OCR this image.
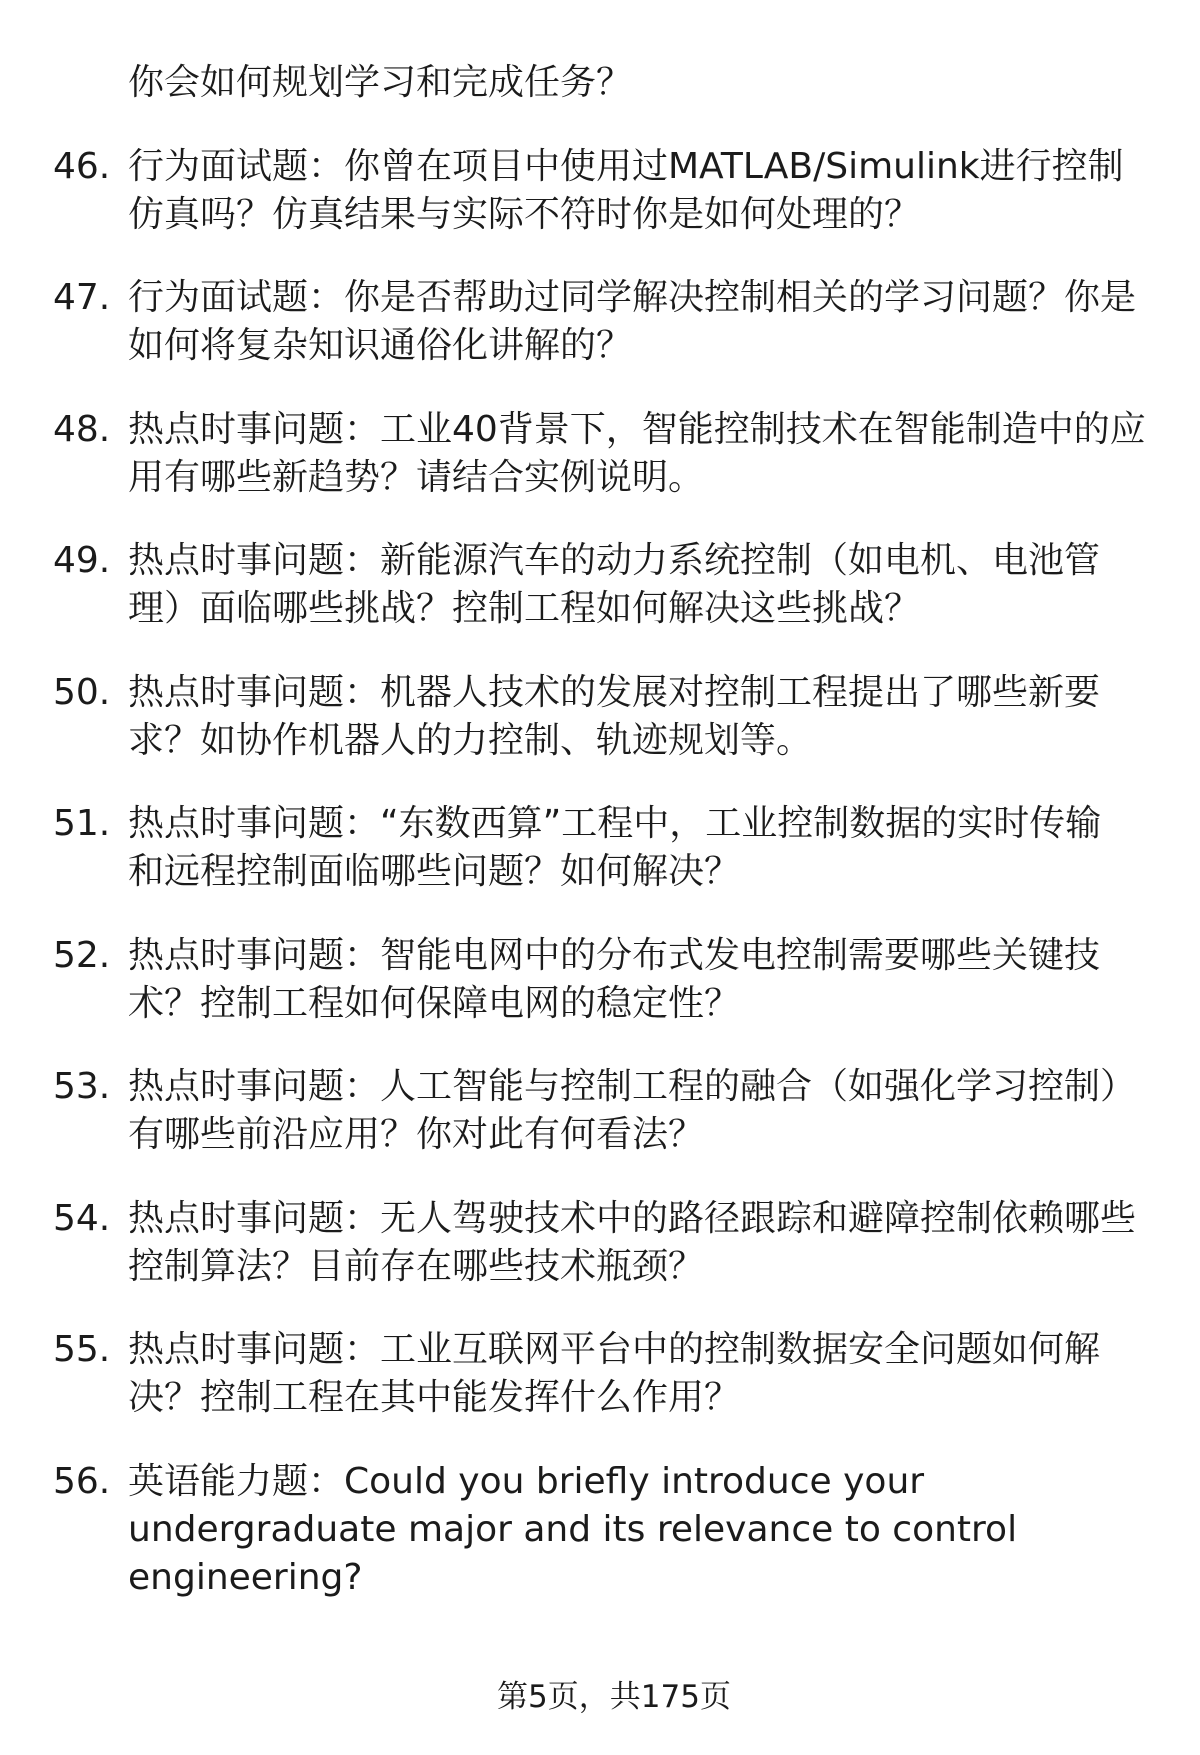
你会如何规划学习和完成任务？
46. 行为面试题：你曾在项目中使用过MATLAB/Simulink进行控制
仿真吗？仿真结果与实际不符时你是如何处理的？
47. 行为面试题：你是否帮助过同学解决控制相关的学习问题？你是
如何将复杂知识通俗化讲解的？
48. 热点时事问题：工业40背景下，智能控制技术在智能制造中的应
用有哪些新趋势？请结合实例说明。
49. 热点时事问题：新能源汽车的动力系统控制（如电机、电池管
理）面临哪些挑战？控制工程如何解决这些挑战？
50. 热点时事问题：机器人技术的发展对控制工程提出了哪些新要
求？如协作机器人的力控制、轨迹规划等。
51. 热点时事问题：“东数西算”工程中，工业控制数据的实时传输
和远程控制面临哪些问题？如何解决？
52. 热点时事问题：智能电网中的分布式发电控制需要哪些关键技
术？控制工程如何保障电网的稳定性？
53. 热点时事问题：人工智能与控制工程的融合（如强化学习控制）
有哪些前沿应用？你对此有何看法？
54. 热点时事问题：无人驾驶技术中的路径跟踪和避障控制依赖哪些
控制算法？目前存在哪些技术瓶颈？
55. 热点时事问题：工业互联网平台中的控制数据安全问题如何解
决？控制工程在其中能发挥什么作用？
56. 英语能力题：Could you briefly introduce your
undergraduate major and its relevance to control
engineering?
第5页，共175页
